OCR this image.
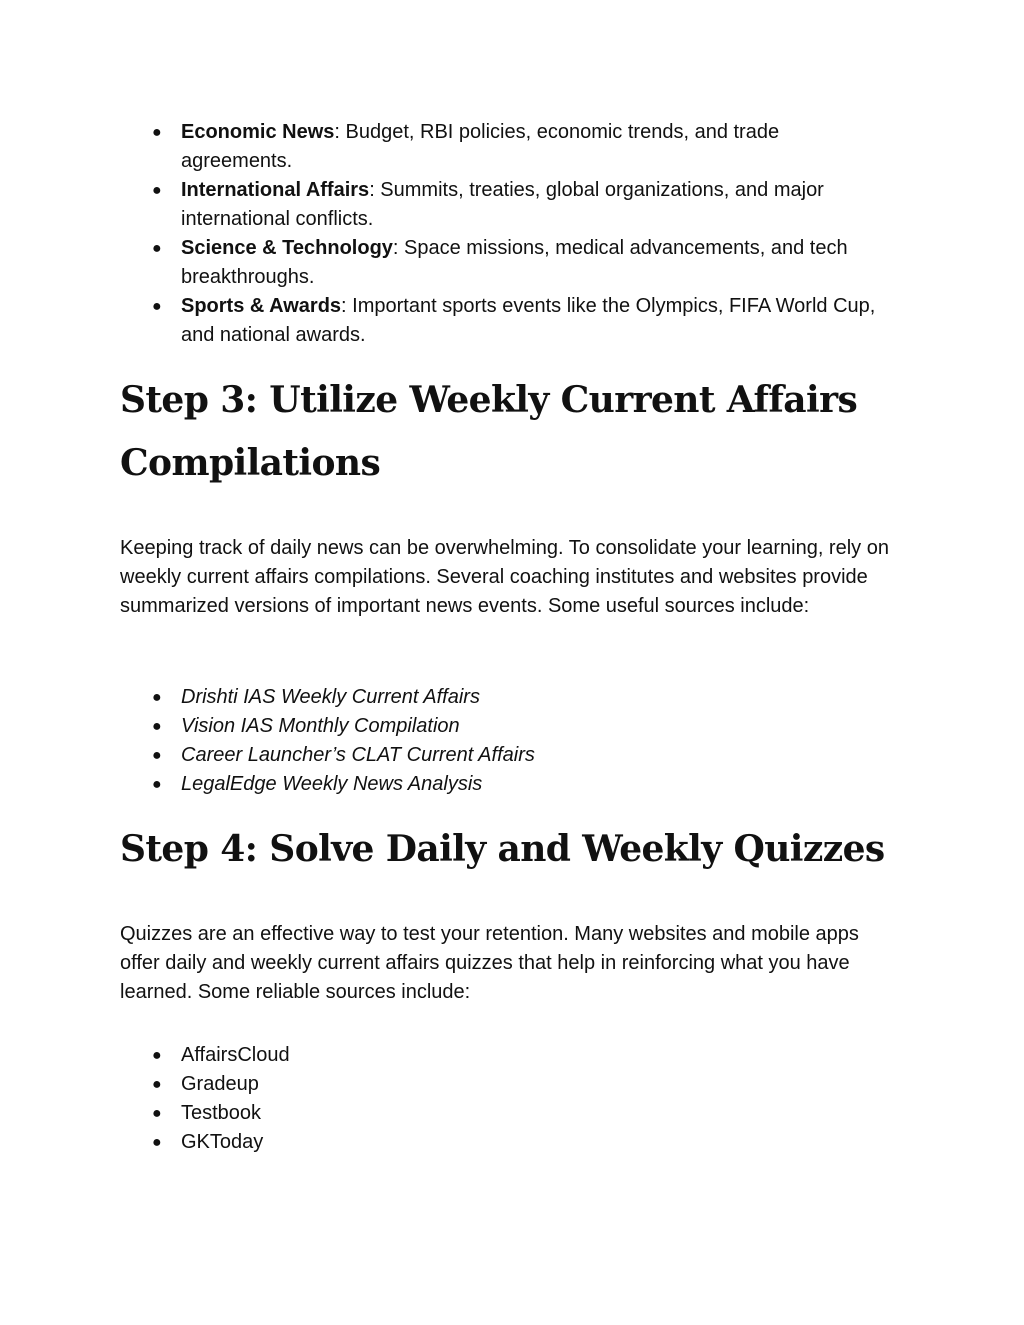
● Economic News: Budget, RBI policies, economic trends, and trade agreements.
● International Affairs: Summits, treaties, global organizations, and major international conflicts.
● Science & Technology: Space missions, medical advancements, and tech breakthroughs.
● Sports & Awards: Important sports events like the Olympics, FIFA World Cup, and national awards.
Step 3: Utilize Weekly Current Affairs
Compilations

Keeping track of daily news can be overwhelming. To consolidate your learning, rely on weekly current affairs compilations. Several coaching institutes and websites provide summarized versions of important news events. Some useful sources include:

● Drishti IAS Weekly Current Affairs
● Vision IAS Monthly Compilation
● Career Launcher’s CLAT Current Affairs
● LegalEdge Weekly News Analysis
Step 4: Solve Daily and Weekly Quizzes

Quizzes are an effective way to test your retention. Many websites and mobile apps offer daily and weekly current affairs quizzes that help in reinforcing what you have learned. Some reliable sources include:

● AffairsCloud
● Gradeup
● Testbook
● GKToday
